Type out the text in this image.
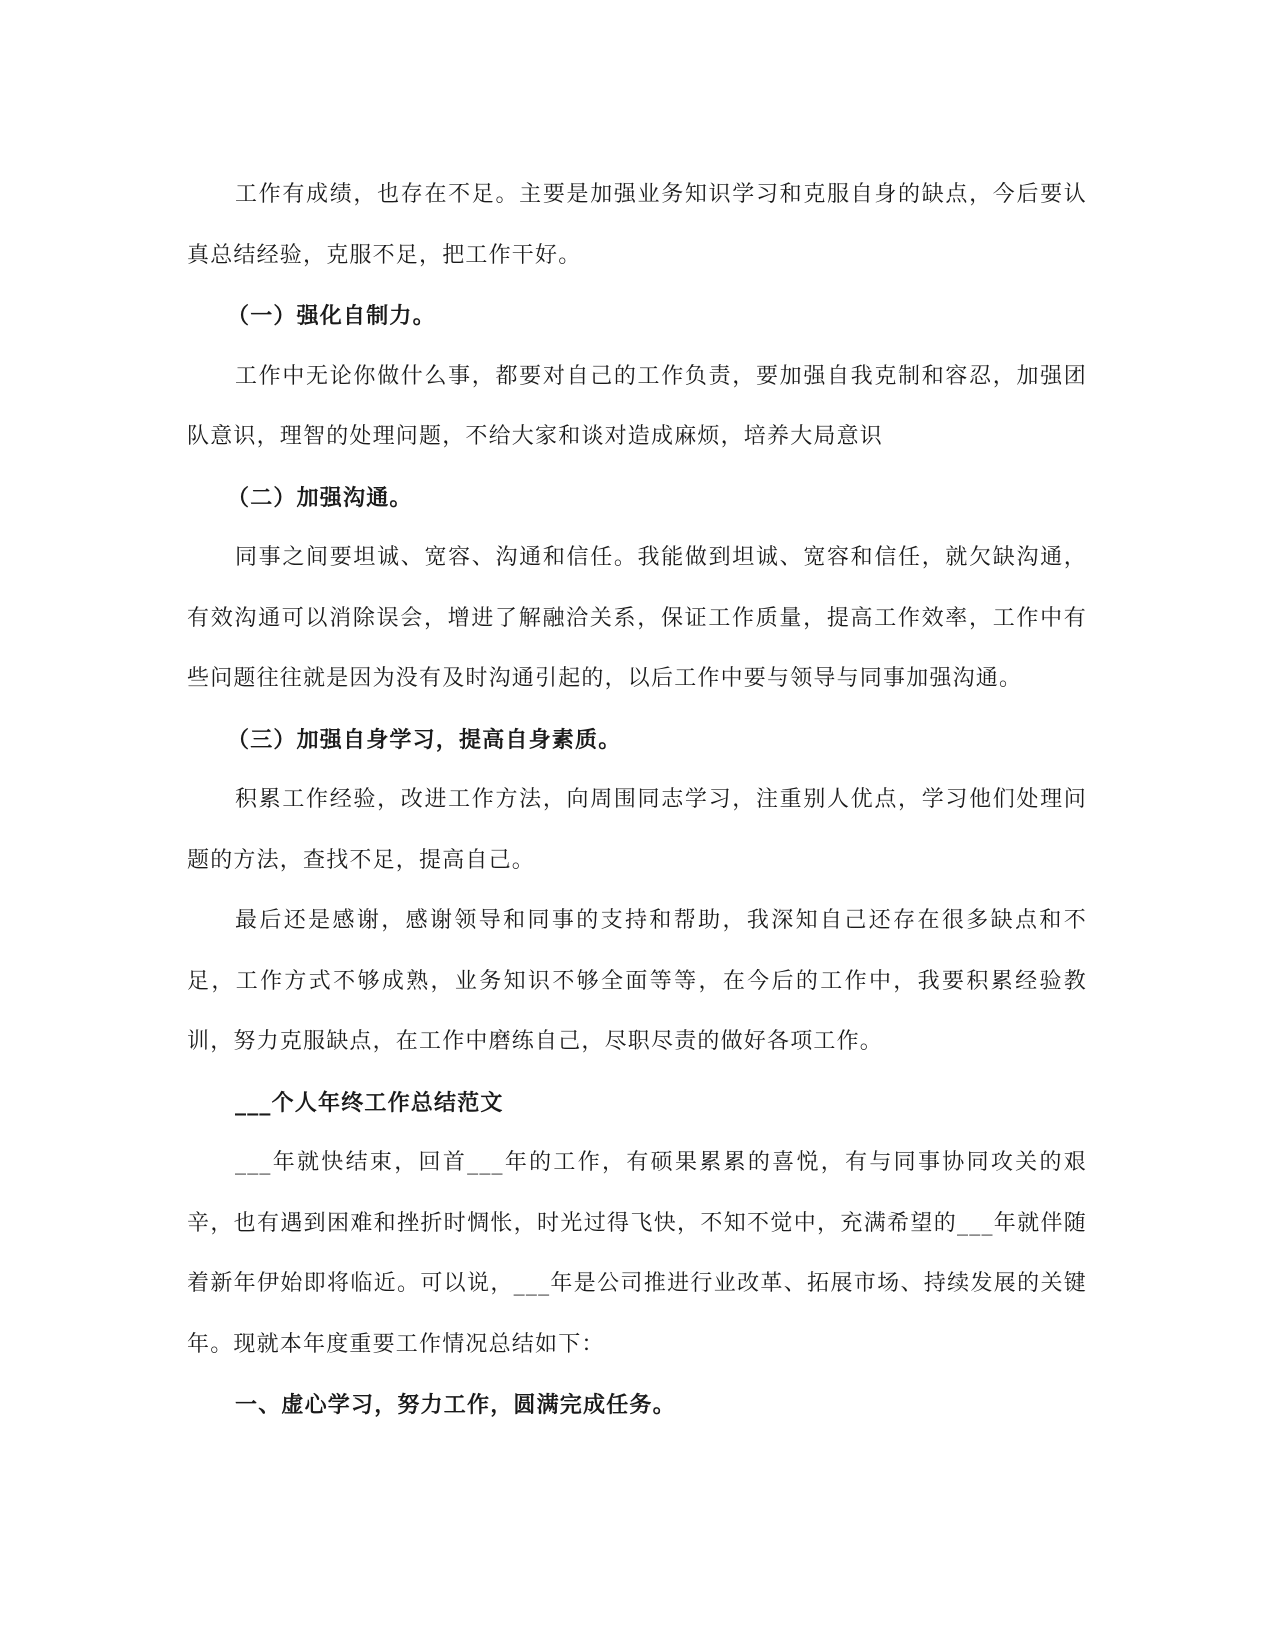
工作有成绩，也存在不足。主要是加强业务知识学习和克服自身的缺点，今后要认真总结经验，克服不足，把工作干好。

（一）强化自制力。

工作中无论你做什么事，都要对自己的工作负责，要加强自我克制和容忍，加强团队意识，理智的处理问题，不给大家和谈对造成麻烦，培养大局意识

（二）加强沟通。

同事之间要坦诚、宽容、沟通和信任。我能做到坦诚、宽容和信任，就欠缺沟通，有效沟通可以消除误会，增进了解融洽关系，保证工作质量，提高工作效率，工作中有些问题往往就是因为没有及时沟通引起的，以后工作中要与领导与同事加强沟通。

（三）加强自身学习，提高自身素质。

积累工作经验，改进工作方法，向周围同志学习，注重别人优点，学习他们处理问题的方法，查找不足，提高自己。

最后还是感谢，感谢领导和同事的支持和帮助，我深知自己还存在很多缺点和不足，工作方式不够成熟，业务知识不够全面等等，在今后的工作中，我要积累经验教训，努力克服缺点，在工作中磨练自己，尽职尽责的做好各项工作。

___个人年终工作总结范文

___年就快结束，回首___年的工作，有硕果累累的喜悦，有与同事协同攻关的艰辛，也有遇到困难和挫折时惆怅，时光过得飞快，不知不觉中，充满希望的___年就伴随着新年伊始即将临近。可以说，___年是公司推进行业改革、拓展市场、持续发展的关键年。现就本年度重要工作情况总结如下：

一、虚心学习，努力工作，圆满完成任务。
